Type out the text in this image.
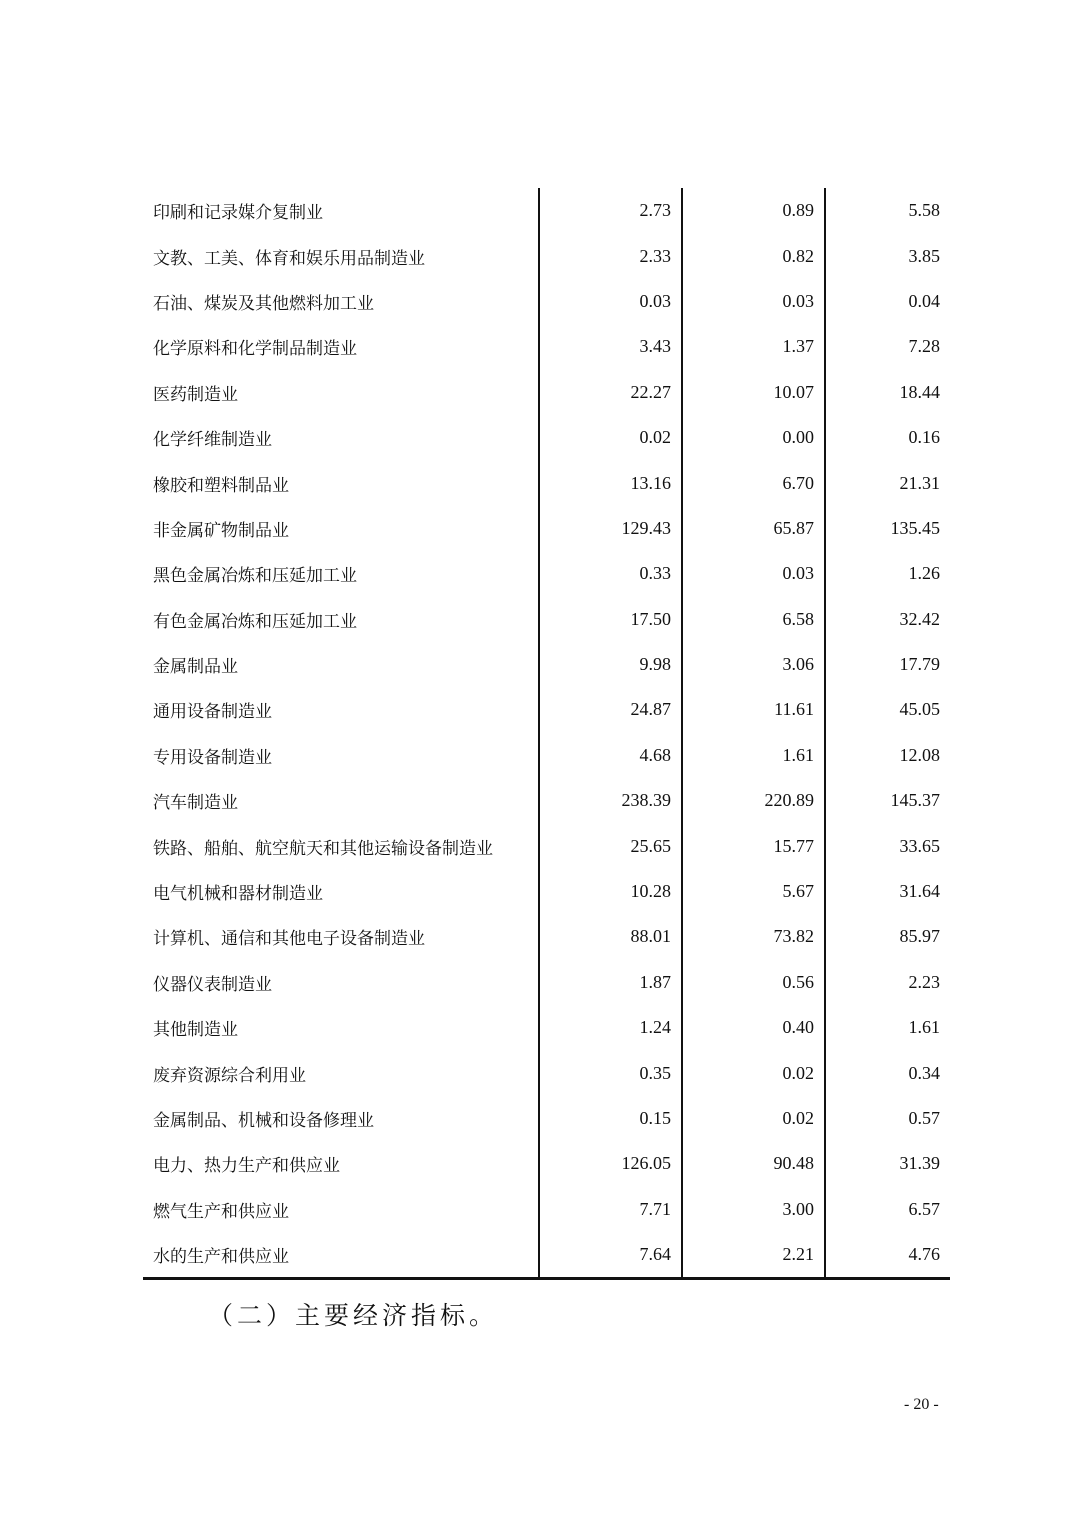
印刷和记录媒介复制业	2.73	0.89	5.58
文教、工美、体育和娱乐用品制造业	2.33	0.82	3.85
石油、煤炭及其他燃料加工业	0.03	0.03	0.04
化学原料和化学制品制造业	3.43	1.37	7.28
医药制造业	22.27	10.07	18.44
化学纤维制造业	0.02	0.00	0.16
橡胶和塑料制品业	13.16	6.70	21.31
非金属矿物制品业	129.43	65.87	135.45
黑色金属冶炼和压延加工业	0.33	0.03	1.26
有色金属冶炼和压延加工业	17.50	6.58	32.42
金属制品业	9.98	3.06	17.79
通用设备制造业	24.87	11.61	45.05
专用设备制造业	4.68	1.61	12.08
汽车制造业	238.39	220.89	145.37
铁路、船舶、航空航天和其他运输设备制造业	25.65	15.77	33.65
电气机械和器材制造业	10.28	5.67	31.64
计算机、通信和其他电子设备制造业	88.01	73.82	85.97
仪器仪表制造业	1.87	0.56	2.23
其他制造业	1.24	0.40	1.61
废弃资源综合利用业	0.35	0.02	0.34
金属制品、机械和设备修理业	0.15	0.02	0.57
电力、热力生产和供应业	126.05	90.48	31.39
燃气生产和供应业	7.71	3.00	6.57
水的生产和供应业	7.64	2.21	4.76
（二）主要经济指标。
- 20 -
